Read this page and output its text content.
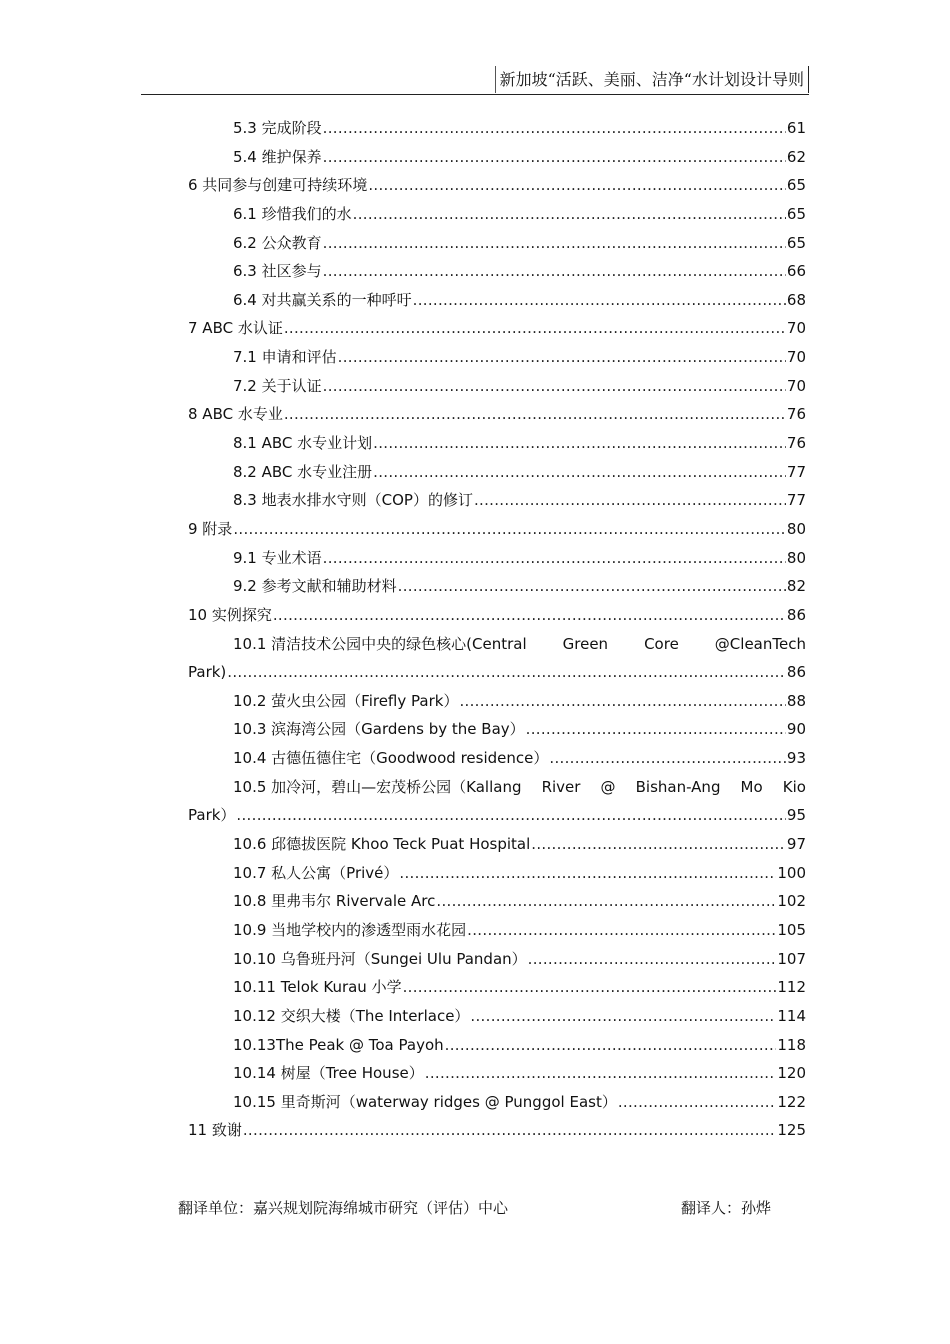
新加坡“活跃、美丽、洁净“水计划设计导则
5.3 完成阶段 .....	61
5.4 维护保养 .....	62
6 共同参与创建可持续环境 .....	65
6.1 珍惜我们的水 .....	65
6.2 公众教育 .....	65
6.3 社区参与 .....	66
6.4 对共赢关系的一种呼吁 .....	68
7 ABC 水认证 .....	70
7.1 申请和评估 .....	70
7.2 关于认证 .....	70
8 ABC 水专业 .....	76
8.1 ABC 水专业计划 .....	76
8.2 ABC 水专业注册 .....	77
8.3 地表水排水守则（COP）的修订 .....	77
9 附录 .....	80
9.1 专业术语 .....	80
9.2 参考文献和辅助材料 .....	82
10 实例探究 .....	86
10.1 清洁技术公园中央的绿色核心(Central Green Core @CleanTech
Park) .....	86
10.2 萤火虫公园（Firefly Park） .....	88
10.3 滨海湾公园（Gardens by the Bay） .....	90
10.4 古德伍德住宅（Goodwood residence） .....	93
10.5 加冷河，碧山—宏茂桥公园（Kallang River @ Bishan-Ang Mo Kio
Park） .....	95
10.6 邱德拔医院 Khoo Teck Puat Hospital .....	97
10.7 私人公寓（Privé） .....	100
10.8 里弗韦尔 Rivervale Arc .....	102
10.9 当地学校内的渗透型雨水花园 .....	105
10.10 乌鲁班丹河（Sungei Ulu Pandan） .....	107
10.11 Telok Kurau 小学 .....	112
10.12 交织大楼（The Interlace） .....	114
10.13The Peak @ Toa Payoh .....	118
10.14 树屋（Tree House） .....	120
10.15 里奇斯河（waterway ridges @ Punggol East） .....	122
11 致谢 .....	125
翻译单位：嘉兴规划院海绵城市研究（评估）中心	翻译人：孙烨
